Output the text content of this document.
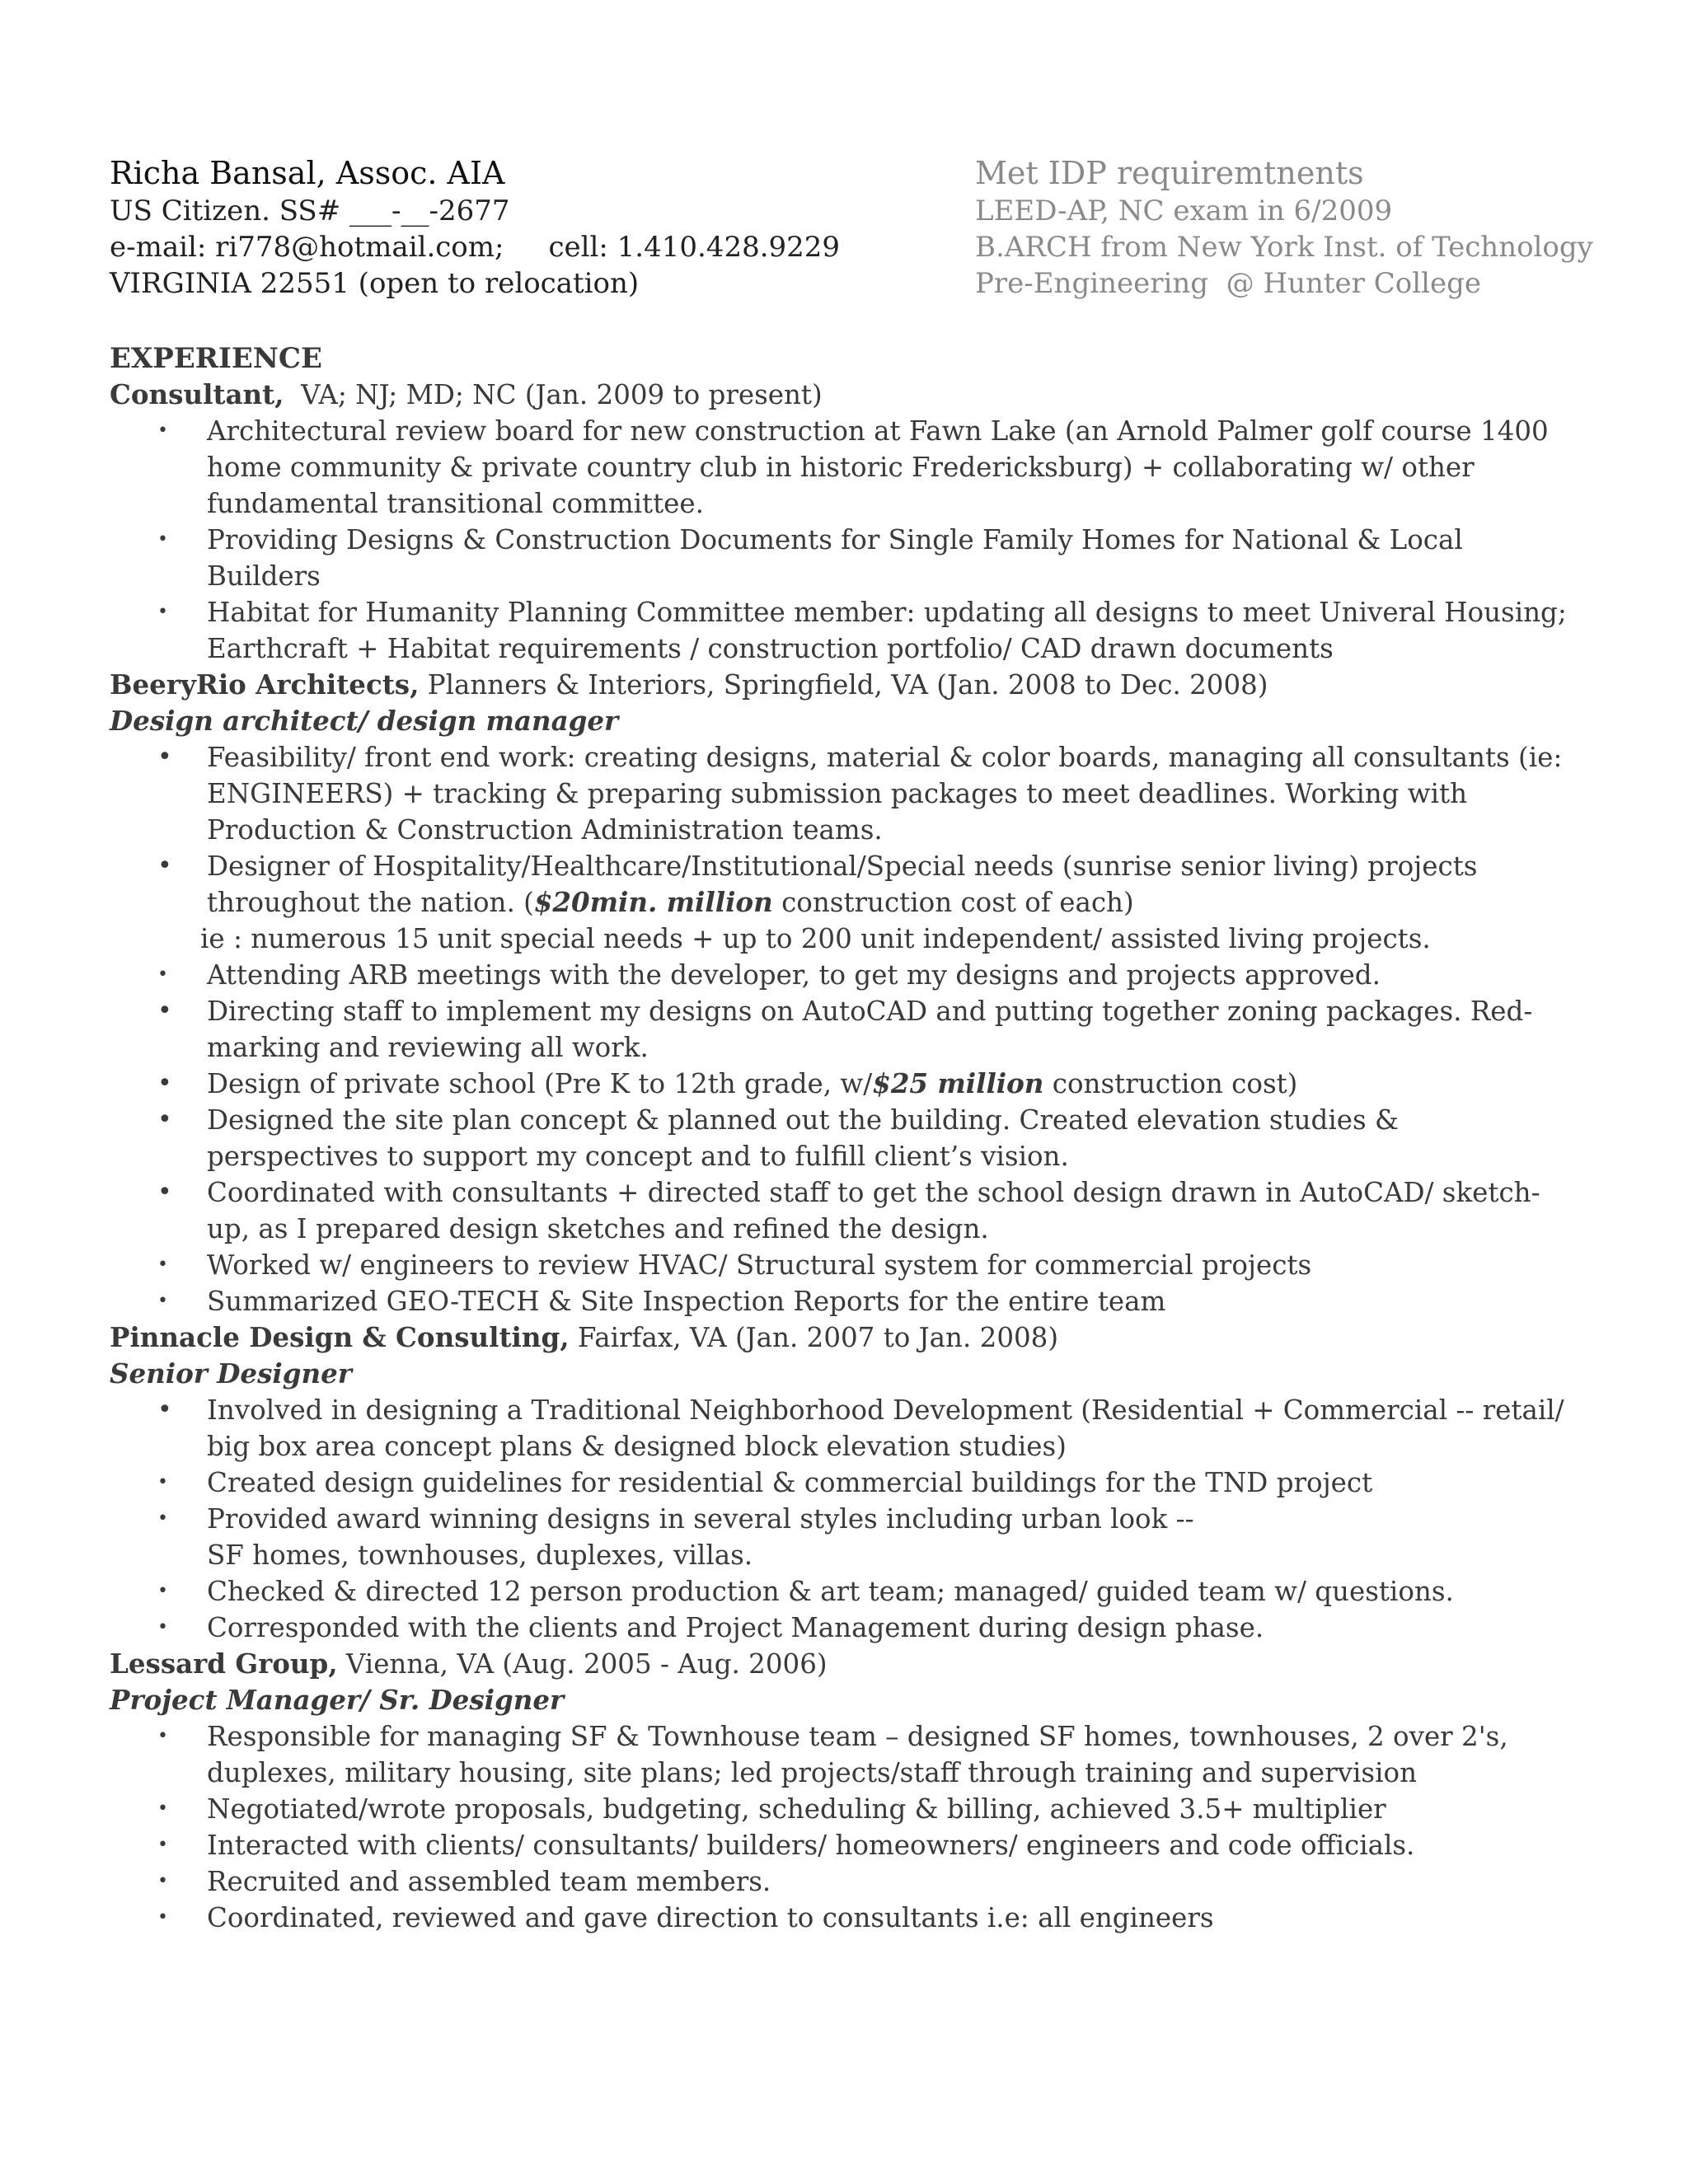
Richa Bansal, Assoc. AIA
US Citizen. SS# ___-__-2677
e-mail: ri778@hotmail.com;     cell: 1.410.428.9229
VIRGINIA 22551 (open to relocation)
Met IDP requiremtnents
LEED-AP, NC exam in 6/2009
B.ARCH from New York Inst. of Technology
Pre-Engineering  @ Hunter College
EXPERIENCE
Consultant,  VA; NJ; MD; NC (Jan. 2009 to present)
•	Architectural review board for new construction at Fawn Lake (an Arnold Palmer golf course 1400 home community & private country club in historic Fredericksburg) + collaborating w/ other fundamental transitional committee.
•	Providing Designs & Construction Documents for Single Family Homes for National & Local Builders
•	Habitat for Humanity Planning Committee member: updating all designs to meet Univeral Housing; Earthcraft + Habitat requirements / construction portfolio/ CAD drawn documents
BeeryRio Architects, Planners & Interiors, Springfield, VA (Jan. 2008 to Dec. 2008)
Design architect/ design manager
•	Feasibility/ front end work: creating designs, material & color boards, managing all consultants (ie: ENGINEERS) + tracking & preparing submission packages to meet deadlines. Working with Production & Construction Administration teams.
•	Designer of Hospitality/Healthcare/Institutional/Special needs (sunrise senior living) projects throughout the nation. ($20min. million construction cost of each)
ie : numerous 15 unit special needs + up to 200 unit independent/ assisted living projects.
•	Attending ARB meetings with the developer, to get my designs and projects approved.
•	Directing staff to implement my designs on AutoCAD and putting together zoning packages. Red-marking and reviewing all work.
•	Design of private school (Pre K to 12th grade, w/$25 million construction cost)
•	Designed the site plan concept & planned out the building. Created elevation studies & perspectives to support my concept and to fulfill client’s vision.
•	Coordinated with consultants + directed staff to get the school design drawn in AutoCAD/ sketch-up, as I prepared design sketches and refined the design.
•	Worked w/ engineers to review HVAC/ Structural system for commercial projects
•	Summarized GEO-TECH & Site Inspection Reports for the entire team
Pinnacle Design & Consulting, Fairfax, VA (Jan. 2007 to Jan. 2008)
Senior Designer
•	Involved in designing a Traditional Neighborhood Development (Residential + Commercial -- retail/ big box area concept plans & designed block elevation studies)
•	Created design guidelines for residential & commercial buildings for the TND project
•	Provided award winning designs in several styles including urban look --
SF homes, townhouses, duplexes, villas.
•	Checked & directed 12 person production & art team; managed/ guided team w/ questions.
•	Corresponded with the clients and Project Management during design phase.
Lessard Group, Vienna, VA (Aug. 2005 - Aug. 2006)
Project Manager/ Sr. Designer
•	Responsible for managing SF & Townhouse team – designed SF homes, townhouses, 2 over 2's, duplexes, military housing, site plans; led projects/staff through training and supervision
•	Negotiated/wrote proposals, budgeting, scheduling & billing, achieved 3.5+ multiplier
•	Interacted with clients/ consultants/ builders/ homeowners/ engineers and code officials.
•	Recruited and assembled team members.
•	Coordinated, reviewed and gave direction to consultants i.e: all engineers
